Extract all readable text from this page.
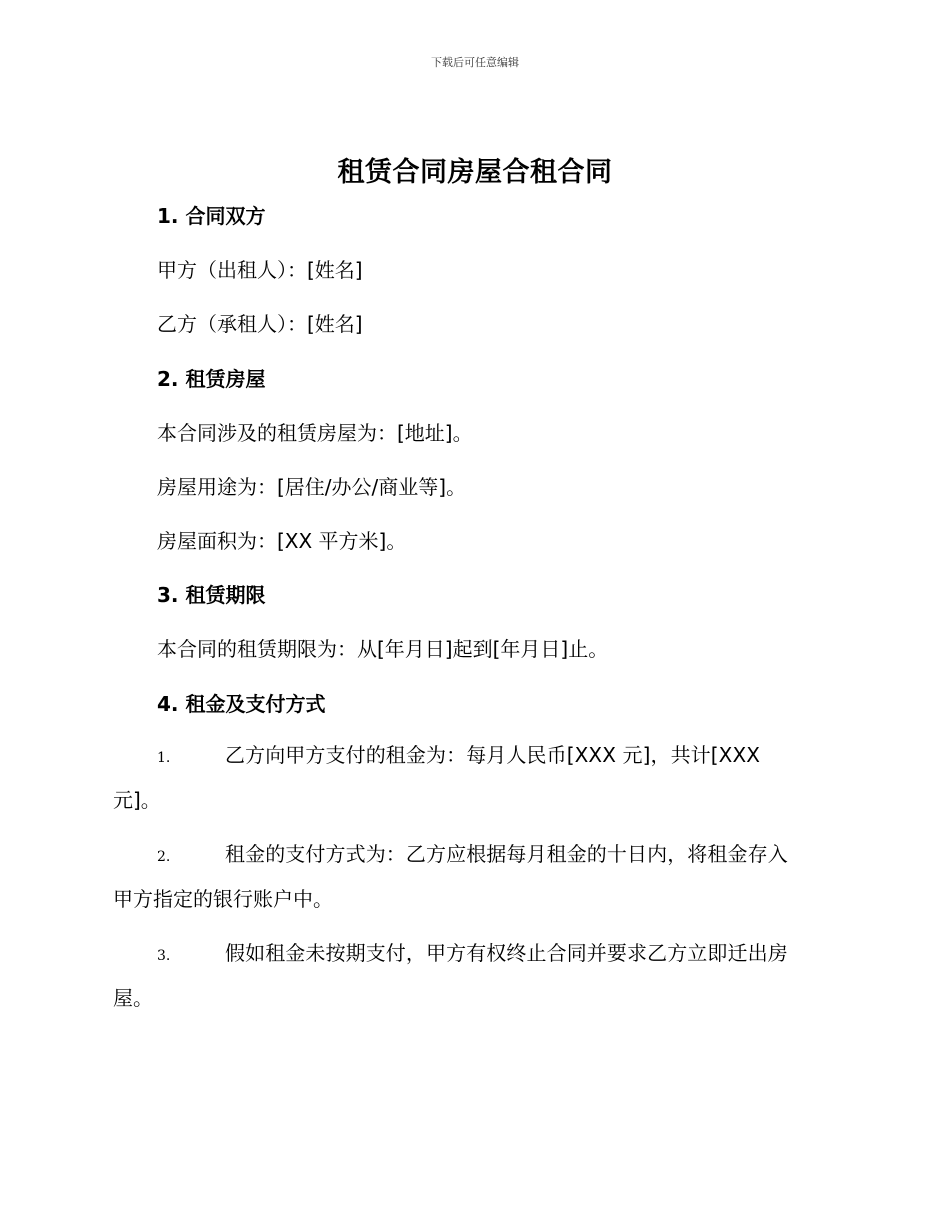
下载后可任意编辑
租赁合同房屋合租合同
1. 合同双方
甲方（出租人）：[姓名]
乙方（承租人）：[姓名]
2. 租赁房屋
本合同涉及的租赁房屋为：[地址]。
房屋用途为：[居住/办公/商业等]。
房屋面积为：[XX 平方米]。
3. 租赁期限
本合同的租赁期限为：从[年月日]起到[年月日]止。
4. 租金及支付方式
1.	乙方向甲方支付的租金为：每月人民币[XXX 元]，共计[XXX
元]。
2.	租金的支付方式为：乙方应根据每月租金的十日内，将租金存入
甲方指定的银行账户中。
3.	假如租金未按期支付，甲方有权终止合同并要求乙方立即迁出房
屋。
